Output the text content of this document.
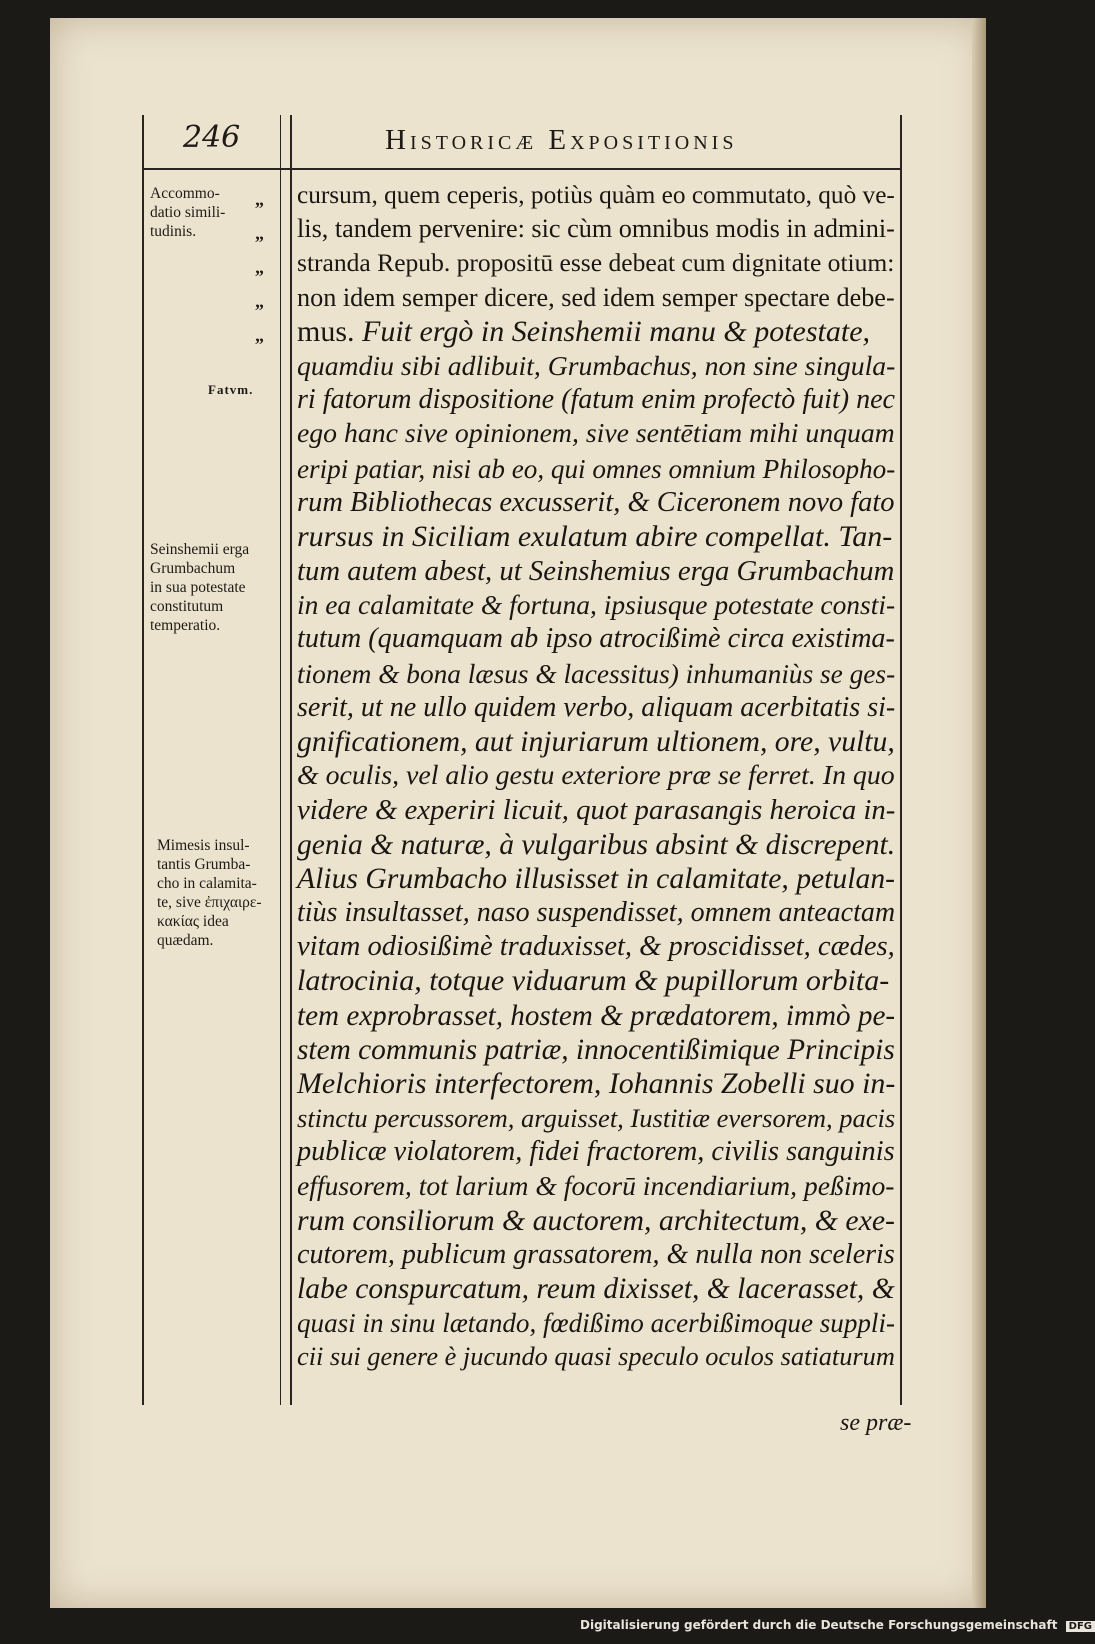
246	Historicæ Expositionis
Accommo-
datio simili-
tudinis.
Fatvm.
Seinshemii erga
Grumbachum
in sua potestate
constitutum
temperatio.
Mimesis insul-
tantis Grumba-
cho in calamita-
te, sive ἐπιχαιρε-
κακίας idea
quædam.
„
„
„
„
„
cursum, quem ceperis, potiùs quàm eo commutato, quò ve-
lis, tandem pervenire: sic cùm omnibus modis in admini-
stranda Repub. propositū esse debeat cum dignitate otium:
non idem semper dicere, sed idem semper spectare debe-
mus. Fuit ergò in Seinshemii manu & potestate,
quamdiu sibi adlibuit, Grumbachus, non sine singula-
ri fatorum dispositione (fatum enim profectò fuit) nec
ego hanc sive opinionem, sive sentētiam mihi unquam
eripi patiar, nisi ab eo, qui omnes omnium Philosopho-
rum Bibliothecas excusserit, & Ciceronem novo fato
rursus in Siciliam exulatum abire compellat. Tan-
tum autem abest, ut Seinshemius erga Grumbachum
in ea calamitate & fortuna, ipsiusque potestate consti-
tutum (quamquam ab ipso atrocißimè circa existima-
tionem & bona læsus & lacessitus) inhumaniùs se ges-
serit, ut ne ullo quidem verbo, aliquam acerbitatis si-
gnificationem, aut injuriarum ultionem, ore, vultu,
& oculis, vel alio gestu exteriore præ se ferret. In quo
videre & experiri licuit, quot parasangis heroica in-
genia & naturæ, à vulgaribus absint & discrepent.
Alius Grumbacho illusisset in calamitate, petulan-
tiùs insultasset, naso suspendisset, omnem anteactam
vitam odiosißimè traduxisset, & proscidisset, cædes,
latrocinia, totque viduarum & pupillorum orbita-
tem exprobrasset, hostem & prædatorem, immò pe-
stem communis patriæ, innocentißimique Principis
Melchioris interfectorem, Iohannis Zobelli suo in-
stinctu percussorem, arguisset, Iustitiæ eversorem, pacis
publicæ violatorem, fidei fractorem, civilis sanguinis
effusorem, tot larium & focorū incendiarium, peßimo-
rum consiliorum & auctorem, architectum, & exe-
cutorem, publicum grassatorem, & nulla non sceleris
labe conspurcatum, reum dixisset, & lacerasset, &
quasi in sinu lætando, fœdißimo acerbißimoque suppli-
cii sui genere è jucundo quasi speculo oculos satiaturum
se præ-
Digitalisierung gefördert durch die Deutsche Forschungsgemeinschaft DFG
